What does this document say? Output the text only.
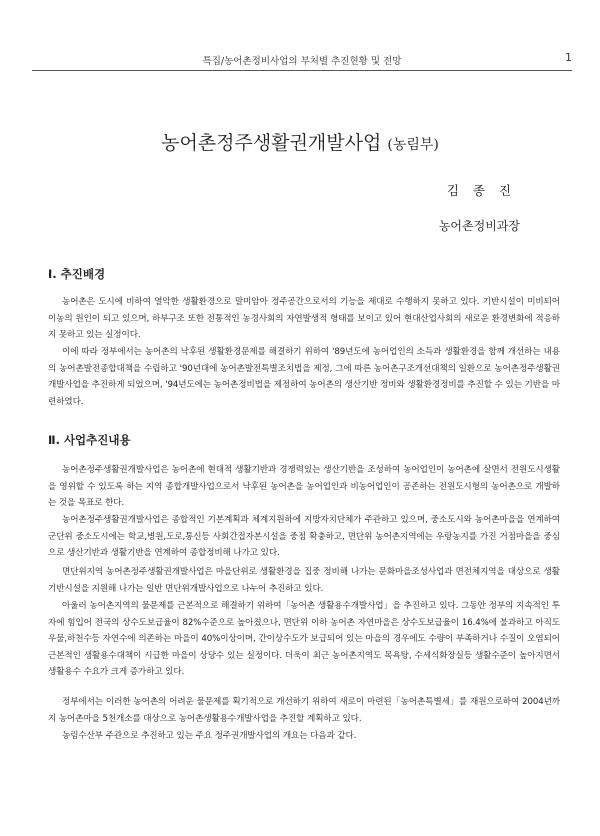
특집/농어촌정비사업의 부처별 추진현황 및 전망	1
농어촌정주생활권개발사업 (농림부)
김 종 진
농어촌정비과장
Ⅰ. 추진배경

농어촌은 도시에 비하여 열악한 생활환경으로 말미암아 정주공간으로서의 기능을 제대로 수행하지 못하고 있다. 기반시설이 미비되어 이농의 원인이 되고 있으며, 하부구조 또한 전통적인 농경사회의 자연발생적 형태를 보이고 있어 현대산업사회의 새로운 환경변화에 적응하지 못하고 있는 실정이다.

이에 따라 정부에서는 농어촌의 낙후된 생활환경문제를 해결하기 위하여 '89년도에 농어업인의 소득과 생활환경을 함께 개선하는 내용의 농어촌발전종합대책을 수립하고 '90년대에 농어촌발전특별조치법을 제정, 그에 따른 농어촌구조개선대책의 일환으로 농어촌정주생활권개발사업을 추진하게 되었으며, '94년도에는 농어촌정비법을 제정하여 농어촌의 생산기반 정비와 생활환경정비를 추진할 수 있는 기반을 마련하였다.

Ⅱ. 사업추진내용

농어촌정주생활권개발사업은 농어촌에 현대적 생활기반과 경쟁력있는 생산기반을 조성하여 농어업인이 농어촌에 살면서 전원도시생활을 영위할 수 있도록 하는 지역 종합개발사업으로서 낙후된 농어촌을 농어업인과 비농어업인이 공존하는 전원도시형의 농어촌으로 개발하는 것을 목표로 한다.

농어촌정주생활권개발사업은 종합적인 기본계획과 체계지원하에 지방자치단체가 주관하고 있으며, 중소도시와 농어촌마을을 연계하여 군단위 중소도시에는 학교,병원,도로,통신등 사회간접자본시설을 중점 확충하고, 면단위 농어촌지역에는 우랑농지를 가진 거점마을을 중심으로 생산기반과 생활기반을 연계하여 종합정비해 나가고 있다.

면단위지역 농어촌정주생활권개발사업은 마을단위로 생활환경을 집중 정비해 나가는 문화마을조성사업과 면전체지역을 대상으로 생활기반시설을 지원해 나가는 일반 면단위개발사업으로 나누어 추진하고 있다.

아울러 농어촌지역의 물문제를 근본적으로 해결하기 위하여「농어촌 생활용수개발사업」을 추진하고 있다. 그동안 정부의 지속적인 투자에 힘입어 전국의 상수도보급율이 82%수준으로 높아졌으나, 면단위 이하 농어촌 자연마을은 상수도보급율이 16.4%에 불과하고 아직도 우물,하천수등 자연수에 의존하는 마을이 40%이상이며, 간이상수도가 보급되어 있는 마을의 경우에도 수량이 부족하거나 수질이 오염되어 근본적인 생활용수대책이 시급한 마을이 상당수 있는 실정이다. 더욱이 최근 농어촌지역도 목욕탕, 수세식화장실등 생활수준이 높아지면서 생활용수 수요가 크게 증가하고 있다.

정부에서는 이러한 농어촌의 어려운 물문제를 획기적으로 개선하기 위하여 새로이 마련된「농어촌특별세」를 재원으로하여 2004년까지 농어촌마을 5천개소를 대상으로 농어촌생활용수개발사업을 추진할 계획하고 있다.

농림수산부 주관으로 추진하고 있는 주요 정주권개발사업의 개요는 다음과 같다.
